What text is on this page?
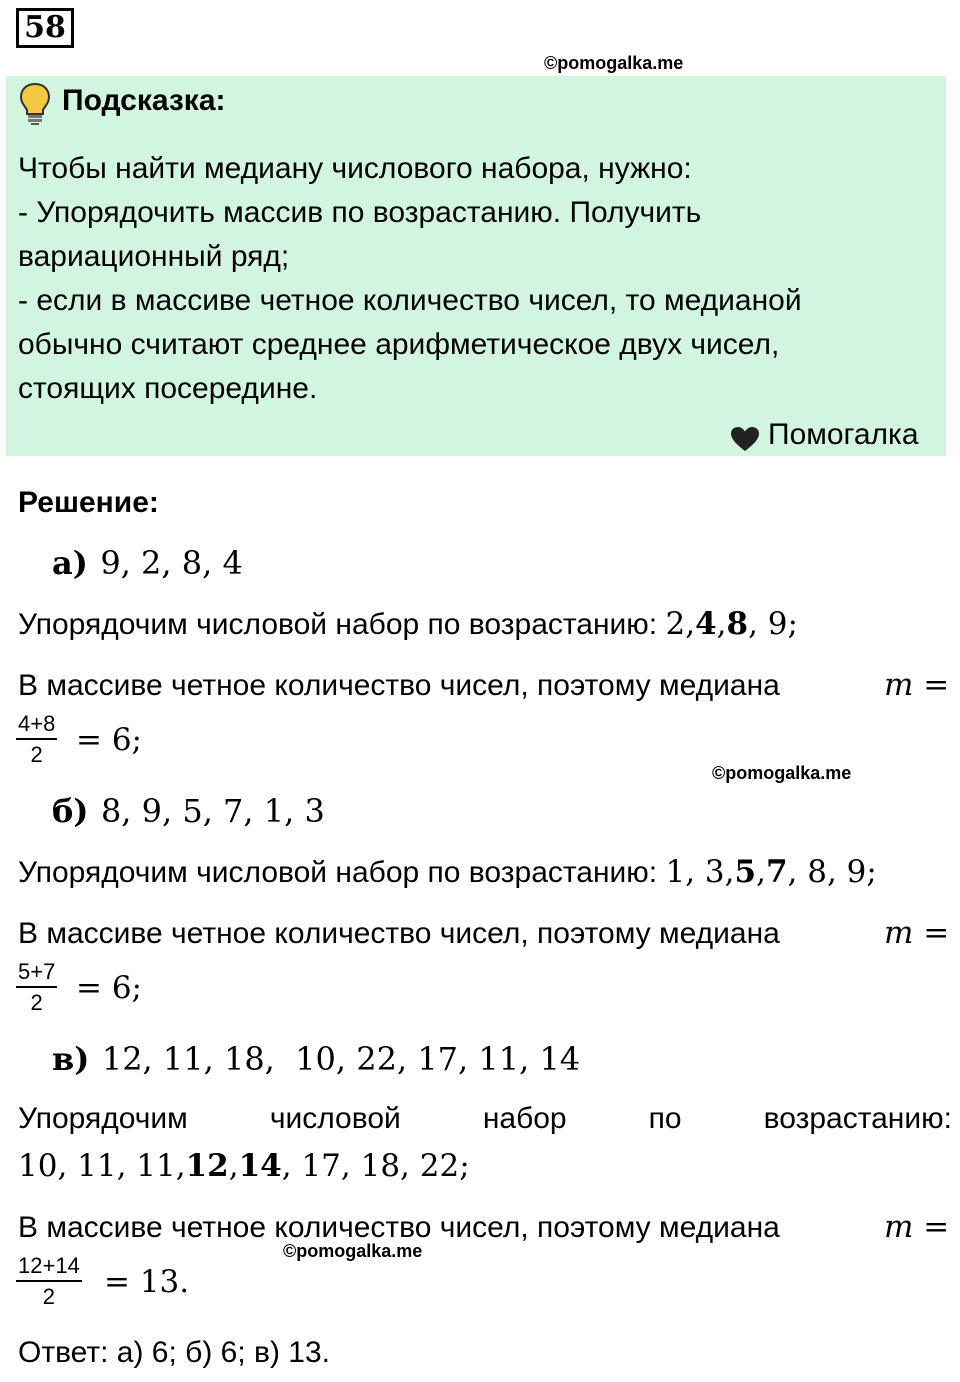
58
©pomogalka.me
Подсказка:
Чтобы найти медиану числового набора, нужно:
- Упорядочить массив по возрастанию. Получить
вариационный ряд;
- если в массиве четное количество чисел, то медианой
обычно считают среднее арифметическое двух чисел,
стоящих посередине.
Помогалка
Решение:
а) 9, 2, 8, 4
Упорядочим числовой набор по возрастанию: 2,4,8, 9;
В массиве четное количество чисел, поэтому медиана	m =
$\frac{4+8}{2} = 6$;
©pomogalka.me
б) 8, 9, 5, 7, 1, 3
Упорядочим числовой набор по возрастанию: 1, 3,5,7, 8, 9;
В массиве четное количество чисел, поэтому медиана	m =
$\frac{5+7}{2} = 6$;
в) 12, 11, 18,  10, 22, 17, 11, 14
Упорядочим	числовой	набор	по	возрастанию:
10, 11, 11,12,14, 17, 18, 22;
В массиве четное количество чисел, поэтому медиана	m =
©pomogalka.me
$\frac{12+14}{2} = 13$.
Ответ: а) 6; б) 6; в) 13.
